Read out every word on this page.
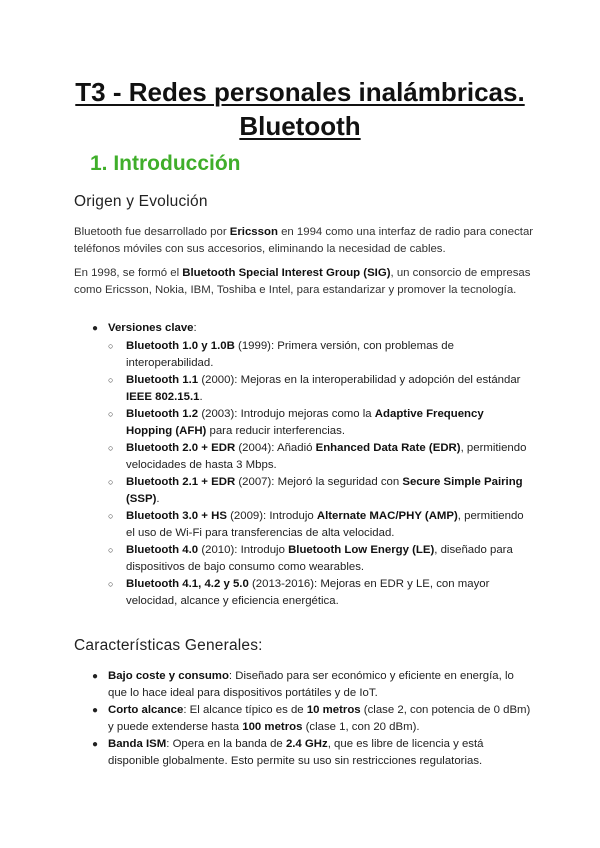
T3 - Redes personales inalámbricas.
Bluetooth
1. Introducción
Origen y Evolución

Bluetooth fue desarrollado por Ericsson en 1994 como una interfaz de radio para conectar teléfonos móviles con sus accesorios, eliminando la necesidad de cables.

En 1998, se formó el Bluetooth Special Interest Group (SIG), un consorcio de empresas como Ericsson, Nokia, IBM, Toshiba e Intel, para estandarizar y promover la tecnología.

● Versiones clave:
○ Bluetooth 1.0 y 1.0B (1999): Primera versión, con problemas de interoperabilidad.
○ Bluetooth 1.1 (2000): Mejoras en la interoperabilidad y adopción del estándar IEEE 802.15.1.
○ Bluetooth 1.2 (2003): Introdujo mejoras como la Adaptive Frequency Hopping (AFH) para reducir interferencias.
○ Bluetooth 2.0 + EDR (2004): Añadió Enhanced Data Rate (EDR), permitiendo velocidades de hasta 3 Mbps.
○ Bluetooth 2.1 + EDR (2007): Mejoró la seguridad con Secure Simple Pairing (SSP).
○ Bluetooth 3.0 + HS (2009): Introdujo Alternate MAC/PHY (AMP), permitiendo el uso de Wi-Fi para transferencias de alta velocidad.
○ Bluetooth 4.0 (2010): Introdujo Bluetooth Low Energy (LE), diseñado para dispositivos de bajo consumo como wearables.
○ Bluetooth 4.1, 4.2 y 5.0 (2013-2016): Mejoras en EDR y LE, con mayor velocidad, alcance y eficiencia energética.
Características Generales:
● Bajo coste y consumo: Diseñado para ser económico y eficiente en energía, lo que lo hace ideal para dispositivos portátiles y de IoT.
● Corto alcance: El alcance típico es de 10 metros (clase 2, con potencia de 0 dBm) y puede extenderse hasta 100 metros (clase 1, con 20 dBm).
● Banda ISM: Opera en la banda de 2.4 GHz, que es libre de licencia y está disponible globalmente. Esto permite su uso sin restricciones regulatorias.
